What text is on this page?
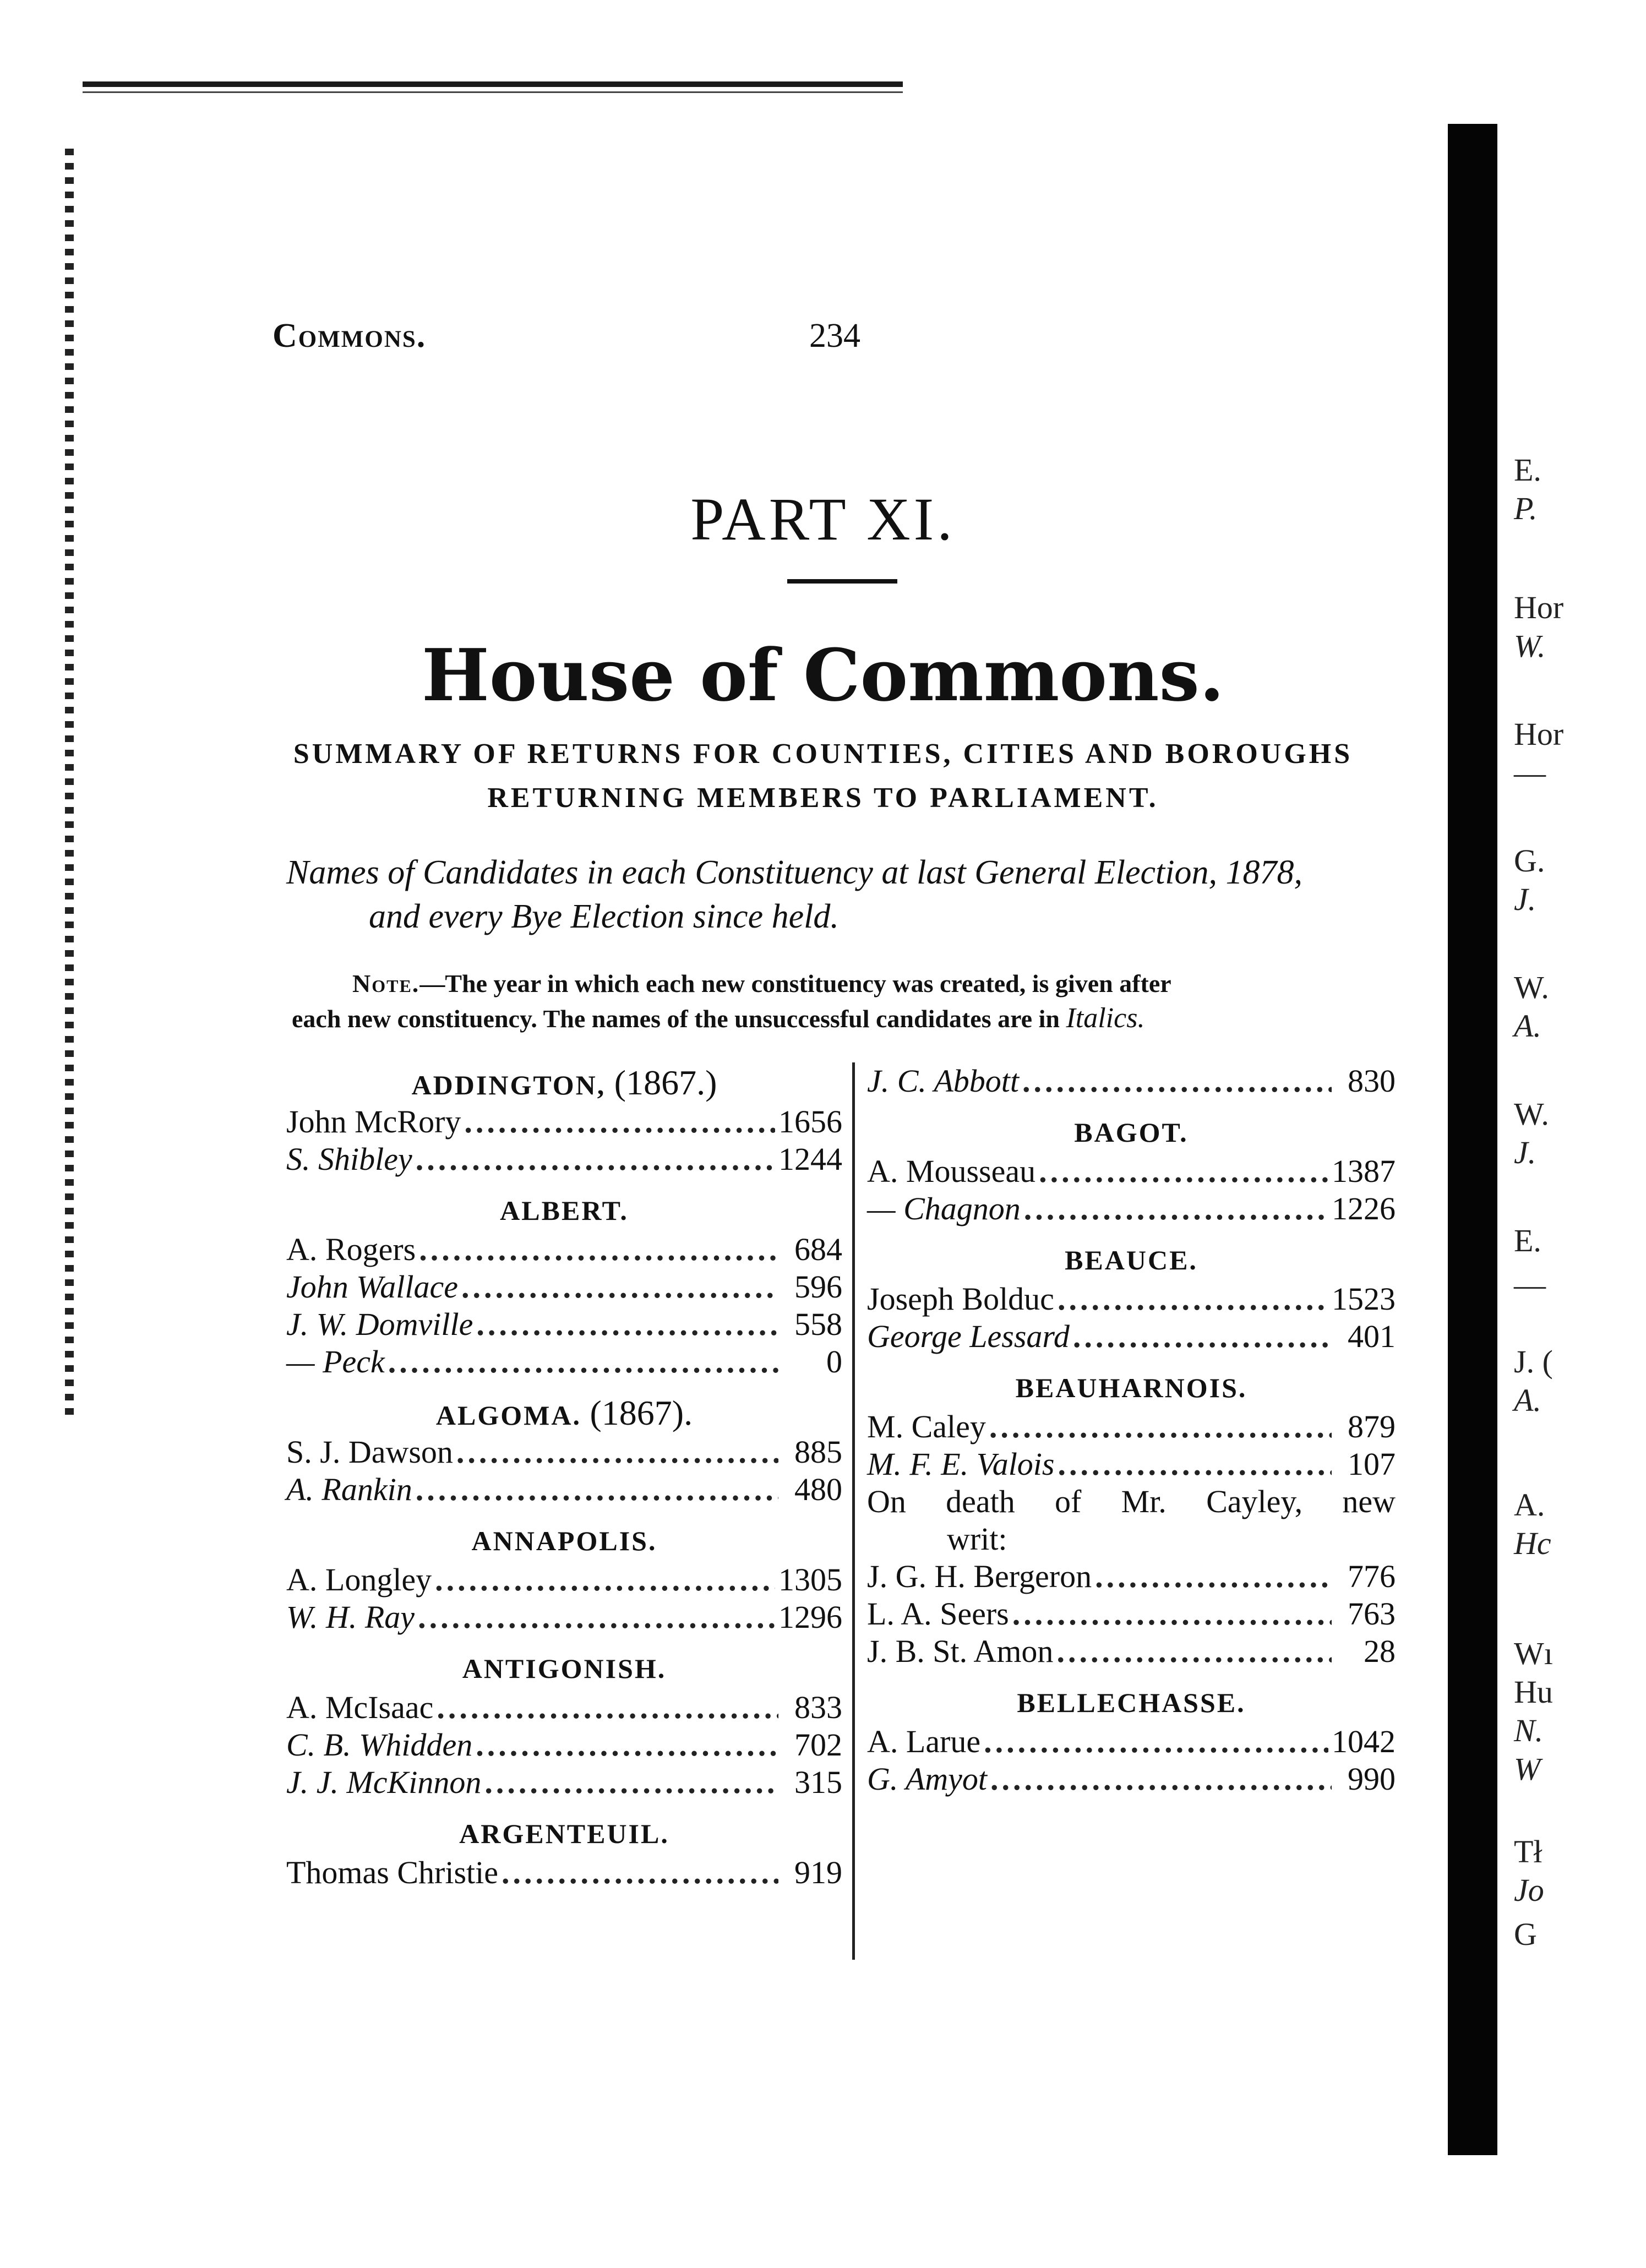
Commons.	234
PART XI.
House of Commons.
SUMMARY OF RETURNS FOR COUNTIES, CITIES AND BOROUGHS
RETURNING MEMBERS TO PARLIAMENT.
Names of Candidates in each Constituency at last General Election, 1878,
and every Bye Election since held.
Note.—The year in which each new constituency was created, is given after
each new constituency. The names of the unsuccessful candidates are in Italics.
ADDINGTON, (1867.)
John McRory .....	1656
S. Shibley .....	1244
ALBERT.
A. Rogers .....	684
John Wallace .....	596
J. W. Domville .....	558
— Peck .....	0
ALGOMA. (1867).
S. J. Dawson .....	885
A. Rankin .....	480
ANNAPOLIS.
A. Longley .....	1305
W. H. Ray .....	1296
ANTIGONISH.
A. McIsaac .....	833
C. B. Whidden .....	702
J. J. McKinnon .....	315
ARGENTEUIL.
Thomas Christie .....	919
J. C. Abbott .....	830
BAGOT.
A. Mousseau .....	1387
— Chagnon .....	1226
BEAUCE.
Joseph Bolduc .....	1523
George Lessard .....	401
BEAUHARNOIS.
M. Caley .....	879
M. F. E. Valois .....	107
On death of Mr. Cayley, new
writ:
J. G. H. Bergeron .....	776
L. A. Seers .....	763
J. B. St. Amon .....	28
BELLECHASSE.
A. Larue .....	1042
G. Amyot .....	990
E.
P.
Hor
W.
Hor
—
G.
J.
W.
A.
W.
J.
E.
—
J. (
A.
A.
Hc
Wı
Hu
N.
W
Tł
Jo
G
